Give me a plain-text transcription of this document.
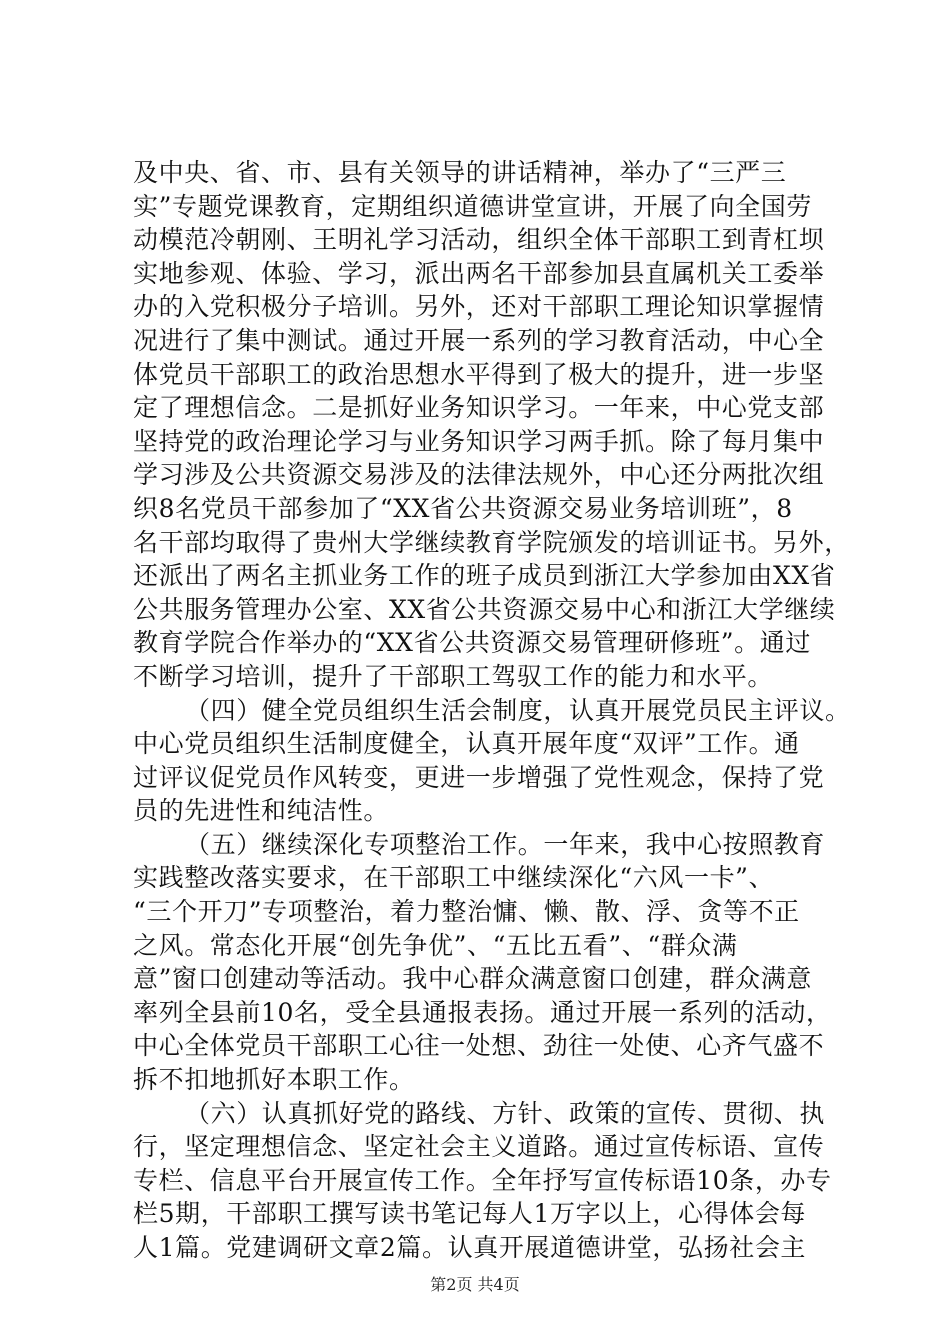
及中央、省、市、县有关领导的讲话精神，举办了“三严三
实”专题党课教育，定期组织道德讲堂宣讲，开展了向全国劳
动模范冷朝刚、王明礼学习活动，组织全体干部职工到青杠坝
实地参观、体验、学习，派出两名干部参加县直属机关工委举
办的入党积极分子培训。另外，还对干部职工理论知识掌握情
况进行了集中测试。通过开展一系列的学习教育活动，中心全
体党员干部职工的政治思想水平得到了极大的提升，进一步坚
定了理想信念。二是抓好业务知识学习。一年来，中心党支部
坚持党的政治理论学习与业务知识学习两手抓。除了每月集中
学习涉及公共资源交易涉及的法律法规外，中心还分两批次组
织8名党员干部参加了“XX省公共资源交易业务培训班”，8
名干部均取得了贵州大学继续教育学院颁发的培训证书。另外，
还派出了两名主抓业务工作的班子成员到浙江大学参加由XX省
公共服务管理办公室、XX省公共资源交易中心和浙江大学继续
教育学院合作举办的“XX省公共资源交易管理研修班”。通过
不断学习培训，提升了干部职工驾驭工作的能力和水平。
（四）健全党员组织生活会制度，认真开展党员民主评议。
中心党员组织生活制度健全，认真开展年度“双评”工作。通
过评议促党员作风转变，更进一步增强了党性观念，保持了党
员的先进性和纯洁性。
（五）继续深化专项整治工作。一年来，我中心按照教育
实践整改落实要求，在干部职工中继续深化“六风一卡”、
“三个开刀”专项整治，着力整治慵、懒、散、浮、贪等不正
之风。常态化开展“创先争优”、“五比五看”、“群众满
意”窗口创建动等活动。我中心群众满意窗口创建，群众满意
率列全县前10名，受全县通报表扬。通过开展一系列的活动，
中心全体党员干部职工心往一处想、劲往一处使、心齐气盛不
拆不扣地抓好本职工作。
（六）认真抓好党的路线、方针、政策的宣传、贯彻、执
行，坚定理想信念、坚定社会主义道路。通过宣传标语、宣传
专栏、信息平台开展宣传工作。全年抒写宣传标语10条，办专
栏5期，干部职工撰写读书笔记每人1万字以上，心得体会每
人1篇。党建调研文章2篇。认真开展道德讲堂，弘扬社会主
第2页 共4页
